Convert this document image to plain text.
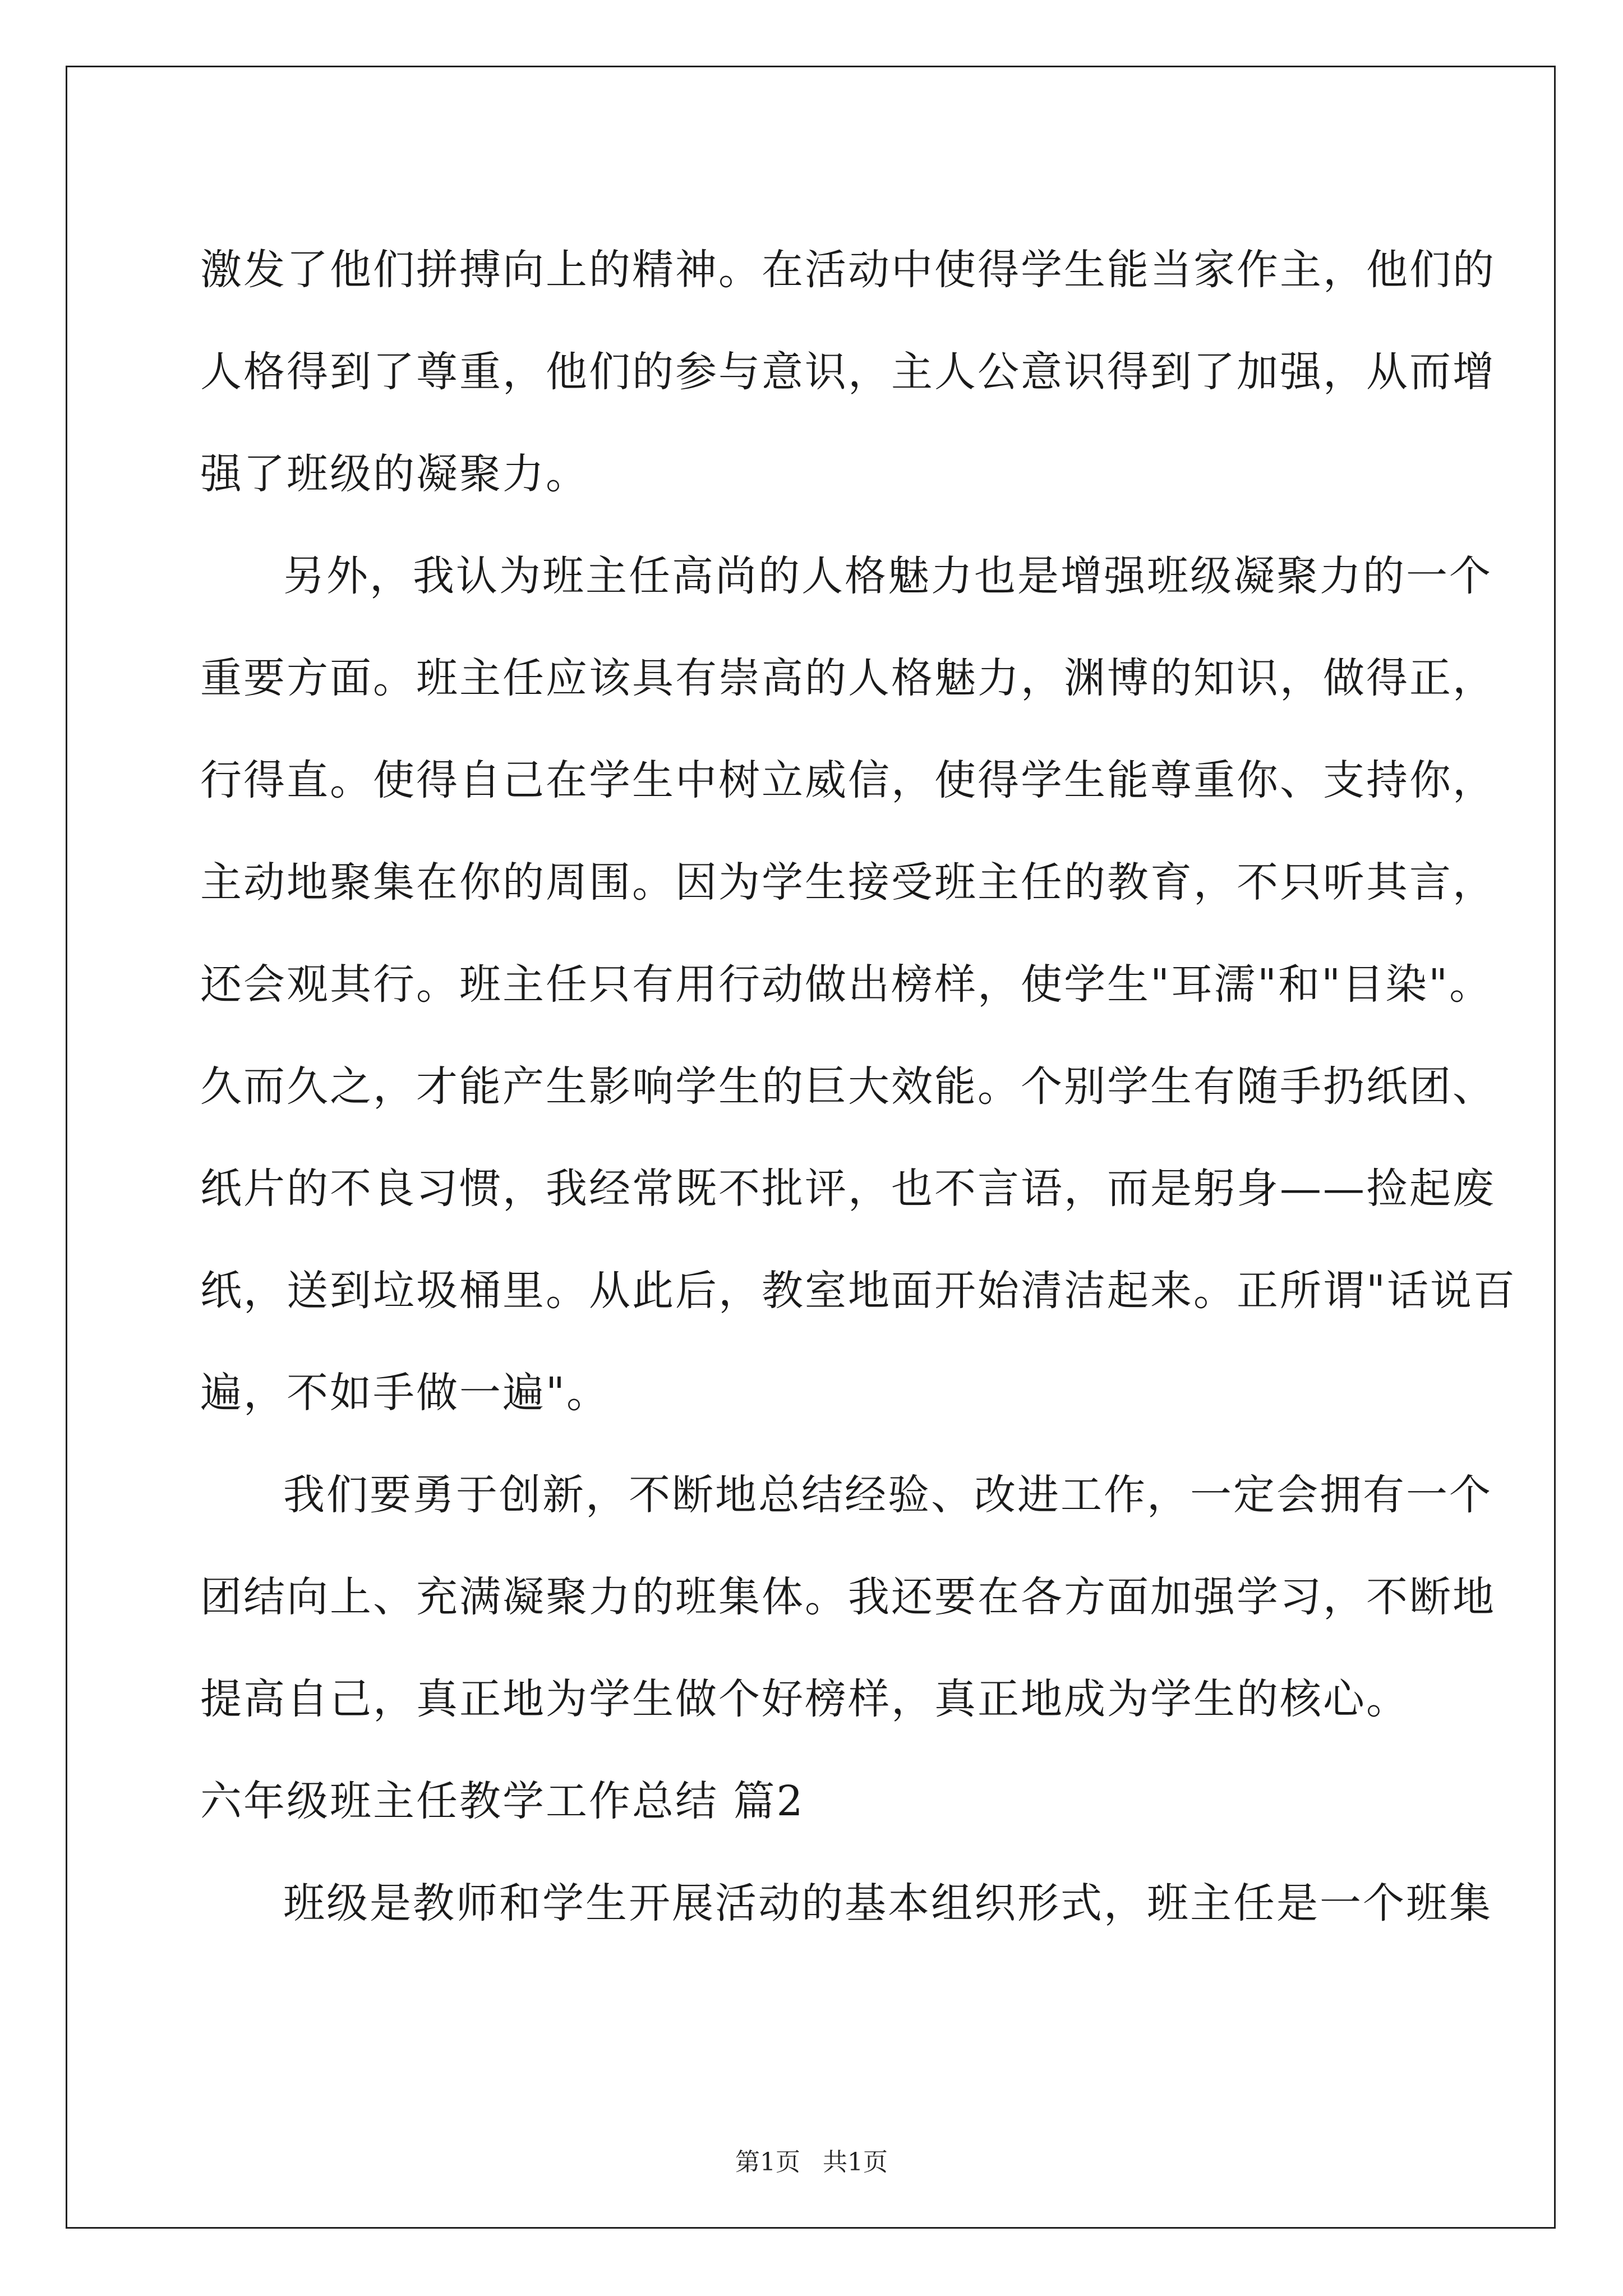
激发了他们拼搏向上的精神。在活动中使得学生能当家作主，他们的
人格得到了尊重，他们的参与意识，主人公意识得到了加强，从而增
强了班级的凝聚力。
另外，我认为班主任高尚的人格魅力也是增强班级凝聚力的一个
重要方面。班主任应该具有崇高的人格魅力，渊博的知识，做得正，
行得直。使得自己在学生中树立威信，使得学生能尊重你、支持你，
主动地聚集在你的周围。因为学生接受班主任的教育，不只听其言，
还会观其行。班主任只有用行动做出榜样，使学生"耳濡"和"目染"。
久而久之，才能产生影响学生的巨大效能。个别学生有随手扔纸团、
纸片的不良习惯，我经常既不批评，也不言语，而是躬身——捡起废
纸，送到垃圾桶里。从此后，教室地面开始清洁起来。正所谓"话说百
遍，不如手做一遍"。
我们要勇于创新，不断地总结经验、改进工作，一定会拥有一个
团结向上、充满凝聚力的班集体。我还要在各方面加强学习，不断地
提高自己，真正地为学生做个好榜样，真正地成为学生的核心。
六年级班主任教学工作总结 篇2
班级是教师和学生开展活动的基本组织形式，班主任是一个班集
第1页 共1页
